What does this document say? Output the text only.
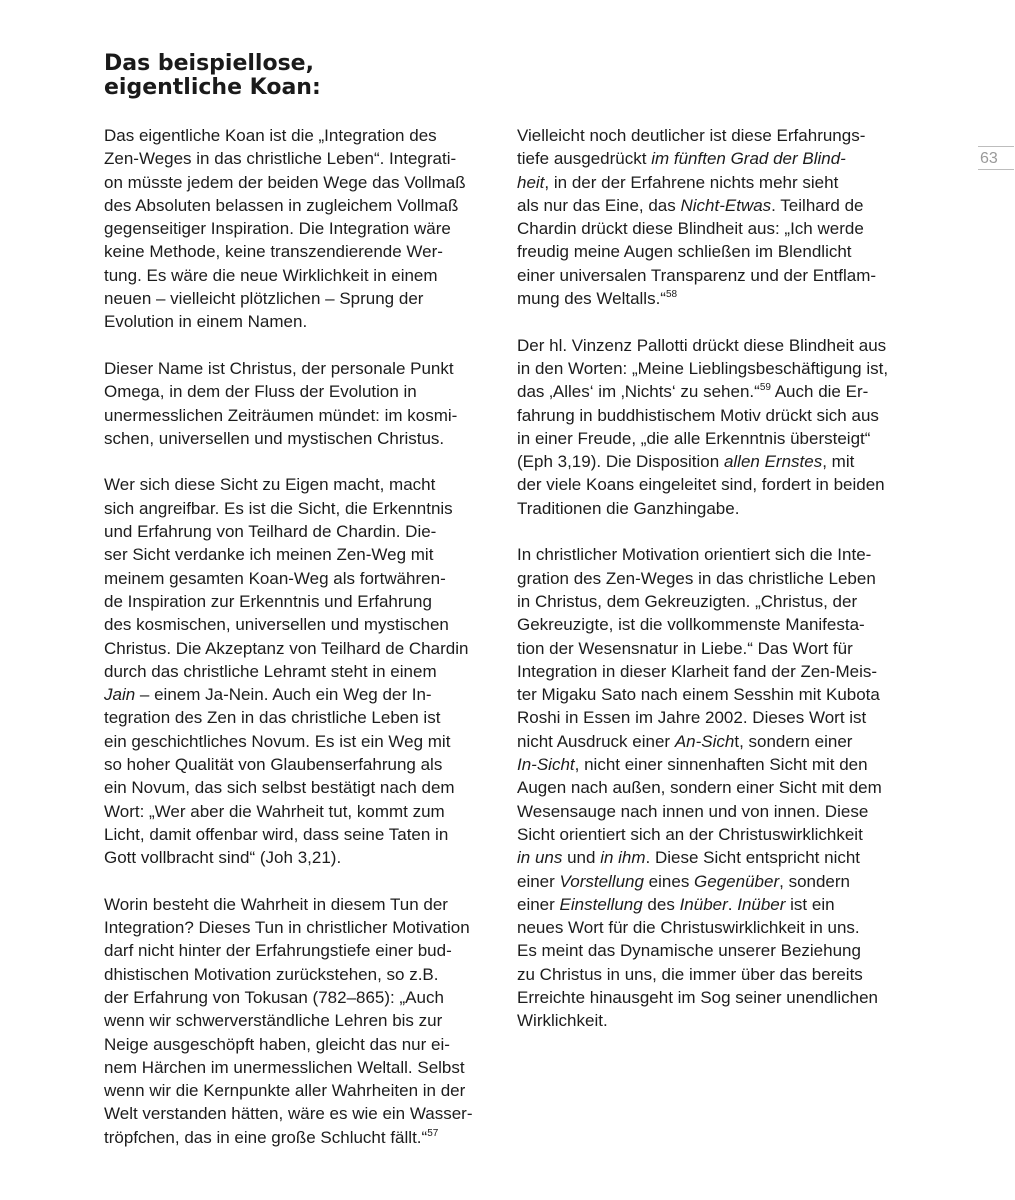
Das beispiellose,
eigentliche Koan:
Das eigentliche Koan ist die „Integration des
Zen-Weges in das christliche Leben“. Integrati-
on müsste jedem der beiden Wege das Vollmaß
des Absoluten belassen in zugleichem Vollmaß
gegenseitiger Inspiration. Die Integration wäre
keine Methode, keine transzendierende Wer-
tung. Es wäre die neue Wirklichkeit in einem
neuen – vielleicht plötzlichen – Sprung der
Evolution in einem Namen.
Dieser Name ist Christus, der personale Punkt
Omega, in dem der Fluss der Evolution in
unermesslichen Zeiträumen mündet: im kosmi-
schen, universellen und mystischen Christus.
Wer sich diese Sicht zu Eigen macht, macht
sich angreifbar. Es ist die Sicht, die Erkenntnis
und Erfahrung von Teilhard de Chardin. Die-
ser Sicht verdanke ich meinen Zen-Weg mit
meinem gesamten Koan-Weg als fortwähren-
de Inspiration zur Erkenntnis und Erfahrung
des kosmischen, universellen und mystischen
Christus. Die Akzeptanz von Teilhard de Chardin
durch das christliche Lehramt steht in einem
Jain – einem Ja-Nein. Auch ein Weg der In-
tegration des Zen in das christliche Leben ist
ein geschichtliches Novum. Es ist ein Weg mit
so hoher Qualität von Glaubenserfahrung als
ein Novum, das sich selbst bestätigt nach dem
Wort: „Wer aber die Wahrheit tut, kommt zum
Licht, damit offenbar wird, dass seine Taten in
Gott vollbracht sind“ (Joh 3,21).
Worin besteht die Wahrheit in diesem Tun der
Integration? Dieses Tun in christlicher Motivation
darf nicht hinter der Erfahrungstiefe einer bud-
dhistischen Motivation zurückstehen, so z.B.
der Erfahrung von Tokusan (782–865): „Auch
wenn wir schwerverständliche Lehren bis zur
Neige ausgeschöpft haben, gleicht das nur ei-
nem Härchen im unermesslichen Weltall. Selbst
wenn wir die Kernpunkte aller Wahrheiten in der
Welt verstanden hätten, wäre es wie ein Wasser-
tröpfchen, das in eine große Schlucht fällt.“$^{57}$
Vielleicht noch deutlicher ist diese Erfahrungs-
tiefe ausgedrückt im fünften Grad der Blind-
heit, in der der Erfahrene nichts mehr sieht
als nur das Eine, das Nicht-Etwas. Teilhard de
Chardin drückt diese Blindheit aus: „Ich werde
freudig meine Augen schließen im Blendlicht
einer universalen Transparenz und der Entflam-
mung des Weltalls.“$^{58}$
Der hl. Vinzenz Pallotti drückt diese Blindheit aus
in den Worten: „Meine Lieblingsbeschäftigung ist,
das ‚Alles‘ im ‚Nichts‘ zu sehen.“$^{59}$ Auch die Er-
fahrung in buddhistischem Motiv drückt sich aus
in einer Freude, „die alle Erkenntnis übersteigt“
(Eph 3,19). Die Disposition allen Ernstes, mit
der viele Koans eingeleitet sind, fordert in beiden
Traditionen die Ganzhingabe.
In christlicher Motivation orientiert sich die Inte-
gration des Zen-Weges in das christliche Leben
in Christus, dem Gekreuzigten. „Christus, der
Gekreuzigte, ist die vollkommenste Manifesta-
tion der Wesensnatur in Liebe.“ Das Wort für
Integration in dieser Klarheit fand der Zen-Meis-
ter Migaku Sato nach einem Sesshin mit Kubota
Roshi in Essen im Jahre 2002. Dieses Wort ist
nicht Ausdruck einer An-Sicht, sondern einer
In-Sicht, nicht einer sinnenhaften Sicht mit den
Augen nach außen, sondern einer Sicht mit dem
Wesensauge nach innen und von innen. Diese
Sicht orientiert sich an der Christuswirklichkeit
in uns und in ihm. Diese Sicht entspricht nicht
einer Vorstellung eines Gegenüber, sondern
einer Einstellung des Inüber. Inüber ist ein
neues Wort für die Christuswirklichkeit in uns.
Es meint das Dynamische unserer Beziehung
zu Christus in uns, die immer über das bereits
Erreichte hinausgeht im Sog seiner unendlichen
Wirklichkeit.
63
